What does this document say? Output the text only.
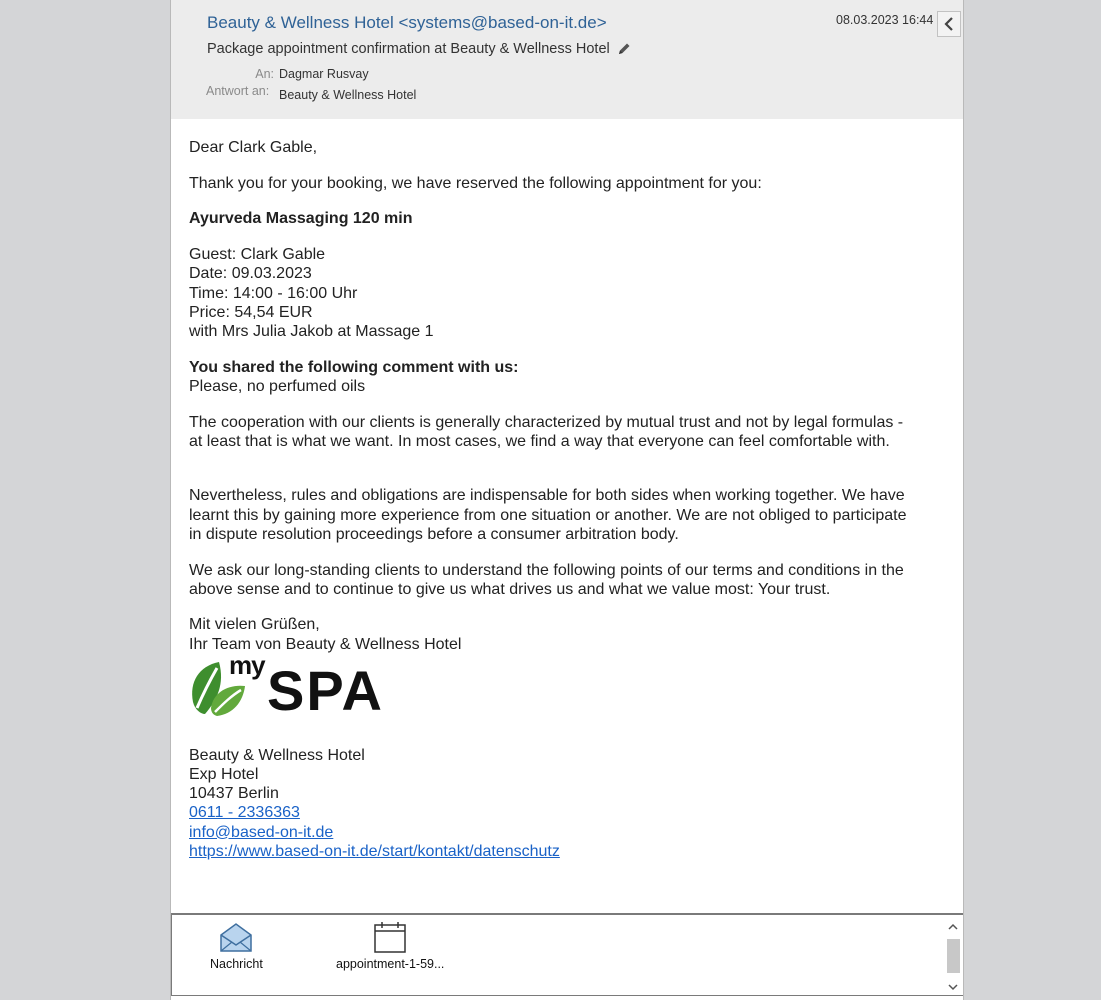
Beauty & Wellness Hotel <systems@based-on-it.de>	08.03.2023 16:44
Package appointment confirmation at Beauty & Wellness Hotel
An: Dagmar Rusvay
Antwort an: Beauty & Wellness Hotel

Dear Clark Gable,

Thank you for your booking, we have reserved the following appointment for you:

Ayurveda Massaging 120 min

Guest: Clark Gable

Date: 09.03.2023

Time: 14:00 - 16:00 Uhr

Price: 54,54 EUR

with Mrs Julia Jakob at Massage 1

You shared the following comment with us:

Please, no perfumed oils

The cooperation with our clients is generally characterized by mutual trust and not by legal formulas -

at least that is what we want. In most cases, we find a way that everyone can feel comfortable with.

Nevertheless, rules and obligations are indispensable for both sides when working together. We have

learnt this by gaining more experience from one situation or another. We are not obliged to participate

in dispute resolution proceedings before a consumer arbitration body.

We ask our long-standing clients to understand the following points of our terms and conditions in the

above sense and to continue to give us what drives us and what we value most: Your trust.

Mit vielen Grüßen,

Ihr Team von Beauty & Wellness Hotel

my SPA

Beauty & Wellness Hotel

Exp Hotel

10437 Berlin

0611 - 2336363

info@based-on-it.de

https://www.based-on-it.de/start/kontakt/datenschutz

Nachricht	appointment-1-59...
